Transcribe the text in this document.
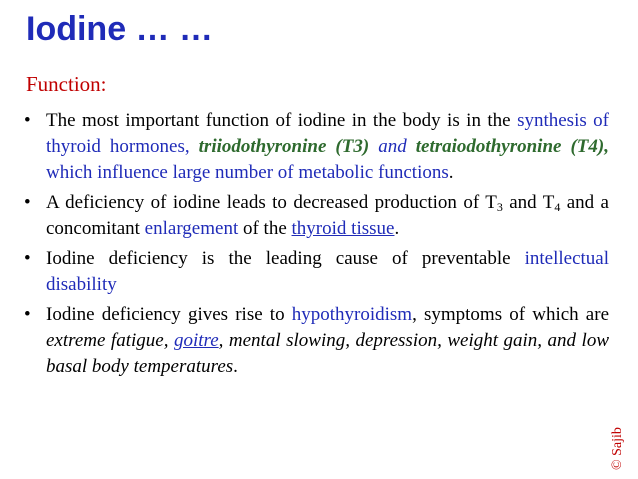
Iodine … …
Function:
• The most important function of iodine in the body is in the synthesis of thyroid hormones, triiodothyronine (T3) and tetraiodothyronine (T4), which influence large number of metabolic functions.
• A deficiency of iodine leads to decreased production of $T_3$ and $T_4$ and a concomitant enlargement of the thyroid tissue.
• Iodine deficiency is the leading cause of preventable intellectual disability
• Iodine deficiency gives rise to hypothyroidism, symptoms of which are extreme fatigue, goitre, mental slowing, depression, weight gain, and low basal body temperatures.
© Sajib
